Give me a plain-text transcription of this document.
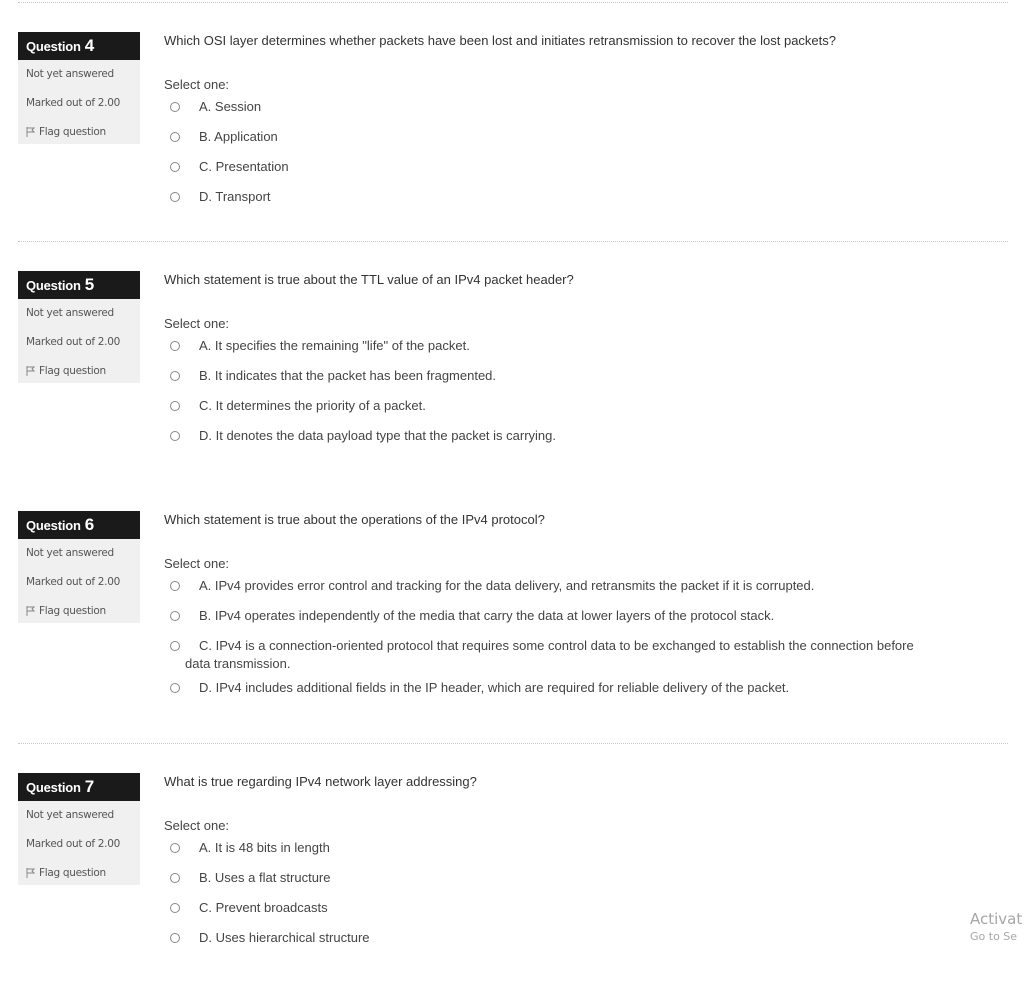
Question 4
Not yet answered
Marked out of 2.00
Flag question
Which OSI layer determines whether packets have been lost and initiates retransmission to recover the lost packets?
Select one:
A. Session
B. Application
C. Presentation
D. Transport
Question 5
Not yet answered
Marked out of 2.00
Flag question
Which statement is true about the TTL value of an IPv4 packet header?
Select one:
A. It specifies the remaining "life" of the packet.
B. It indicates that the packet has been fragmented.
C. It determines the priority of a packet.
D. It denotes the data payload type that the packet is carrying.
Question 6
Not yet answered
Marked out of 2.00
Flag question
Which statement is true about the operations of the IPv4 protocol?
Select one:
A. IPv4 provides error control and tracking for the data delivery, and retransmits the packet if it is corrupted.
B. IPv4 operates independently of the media that carry the data at lower layers of the protocol stack.
C. IPv4 is a connection-oriented protocol that requires some control data to be exchanged to establish the connection before
data transmission.
D. IPv4 includes additional fields in the IP header, which are required for reliable delivery of the packet.
Question 7
Not yet answered
Marked out of 2.00
Flag question
What is true regarding IPv4 network layer addressing?
Select one:
A. It is 48 bits in length
B. Uses a flat structure
C. Prevent broadcasts
D. Uses hierarchical structure
Activat
Go to Se
